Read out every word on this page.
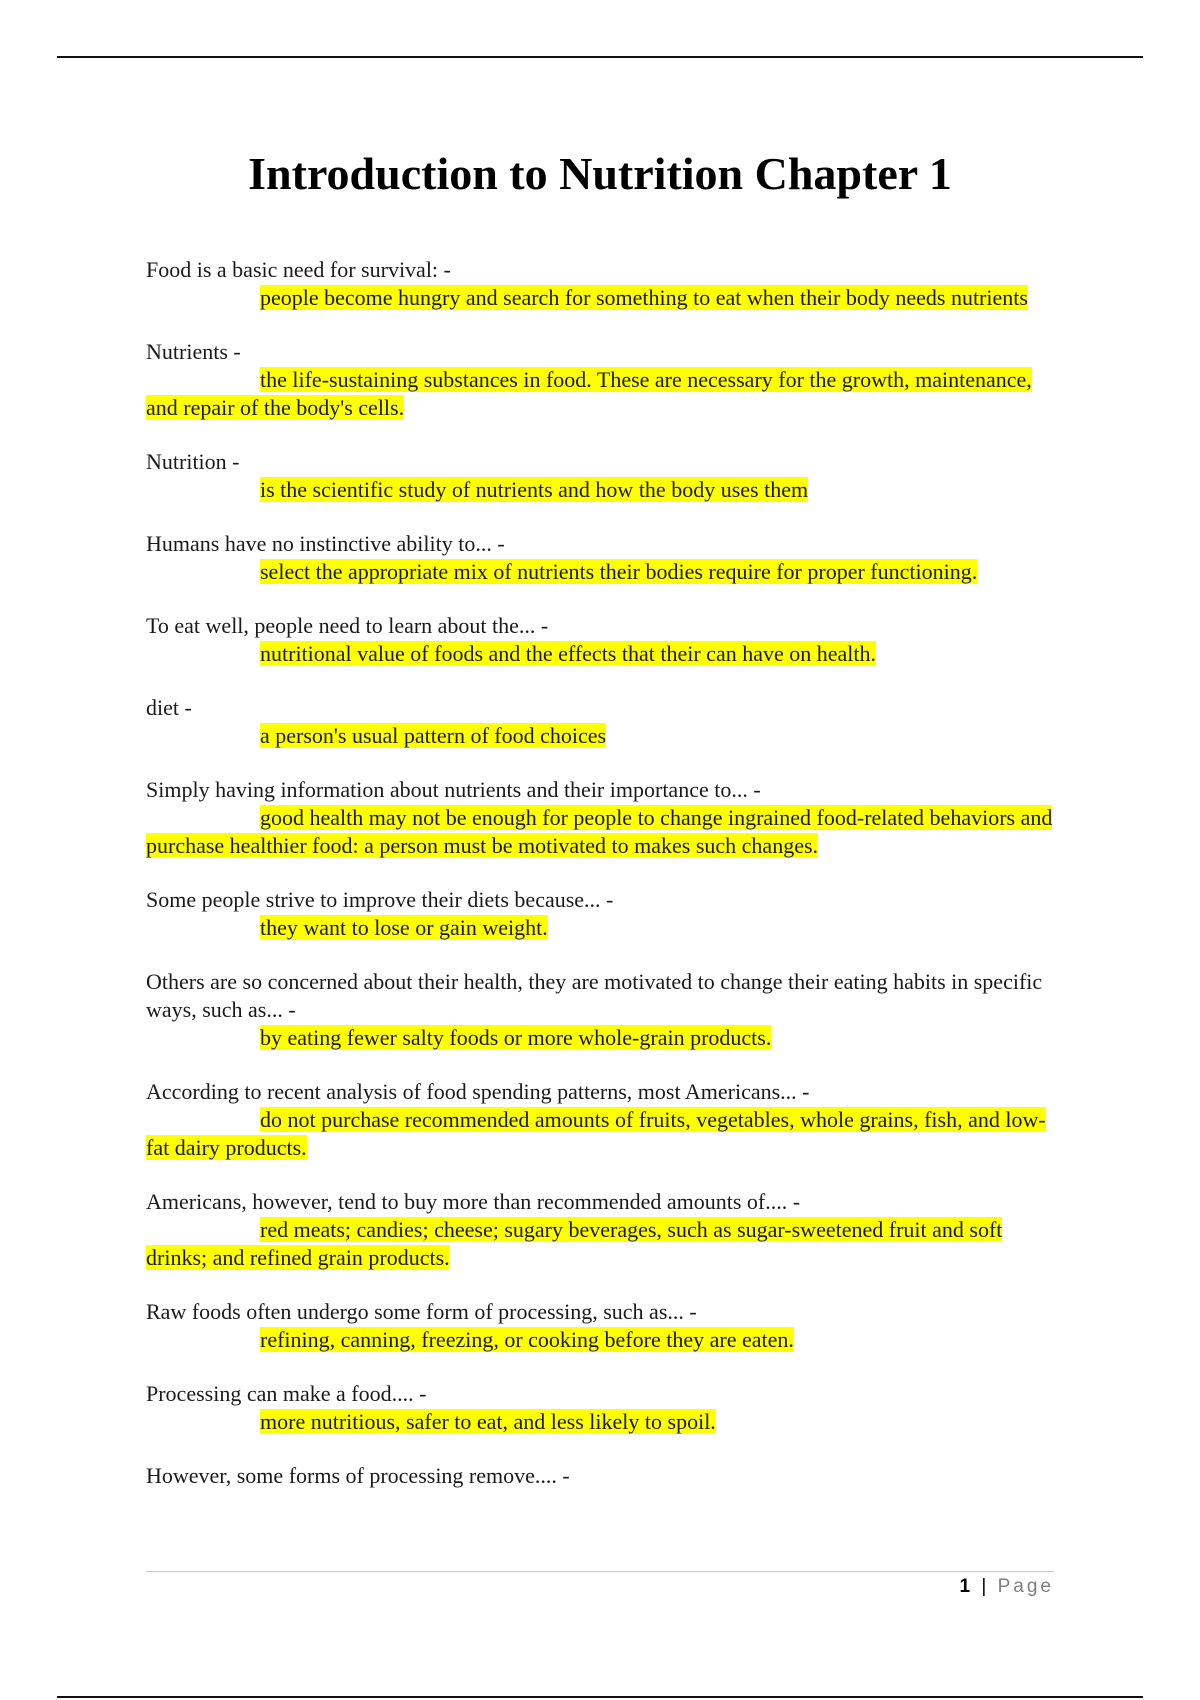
Introduction to Nutrition Chapter 1
Food is a basic need for survival: -
people become hungry and search for something to eat when their body needs nutrients
Nutrients -
the life-sustaining substances in food. These are necessary for the growth, maintenance, and repair of the body's cells.
Nutrition -
is the scientific study of nutrients and how the body uses them
Humans have no instinctive ability to... -
select the appropriate mix of nutrients their bodies require for proper functioning.
To eat well, people need to learn about the... -
nutritional value of foods and the effects that their can have on health.
diet -
a person's usual pattern of food choices
Simply having information about nutrients and their importance to... -
good health may not be enough for people to change ingrained food-related behaviors and purchase healthier food: a person must be motivated to makes such changes.
Some people strive to improve their diets because... -
they want to lose or gain weight.
Others are so concerned about their health, they are motivated to change their eating habits in specific ways, such as... -
by eating fewer salty foods or more whole-grain products.
According to recent analysis of food spending patterns, most Americans... -
do not purchase recommended amounts of fruits, vegetables, whole grains, fish, and low-fat dairy products.
Americans, however, tend to buy more than recommended amounts of.... -
red meats; candies; cheese; sugary beverages, such as sugar-sweetened fruit and soft drinks; and refined grain products.
Raw foods often undergo some form of processing, such as... -
refining, canning, freezing, or cooking before they are eaten.
Processing can make a food.... -
more nutritious, safer to eat, and less likely to spoil.
However, some forms of processing remove.... -
1 | Page
